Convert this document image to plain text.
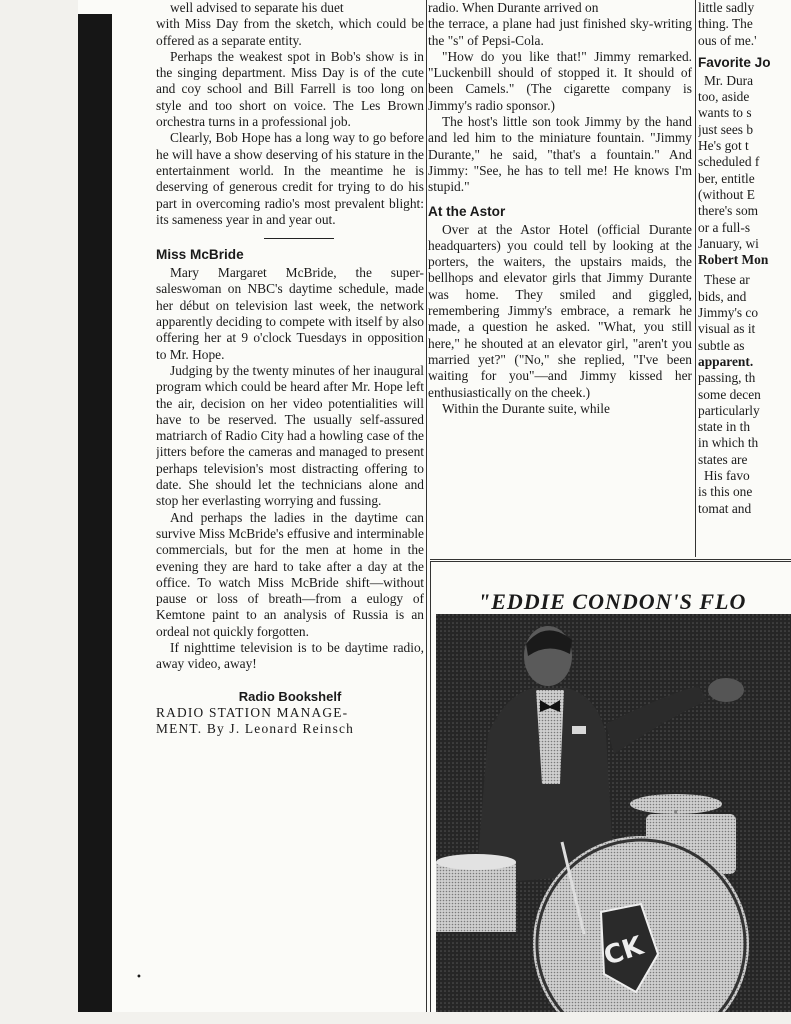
well advised to separate his duet

with Miss Day from the sketch, which could be offered as a separate entity.

Perhaps the weakest spot in Bob's show is in the singing department. Miss Day is of the cute and coy school and Bill Farrell is too long on style and too short on voice. The Les Brown orchestra turns in a professional job.

Clearly, Bob Hope has a long way to go before he will have a show deserving of his stature in the entertainment world. In the meantime he is deserving of generous credit for trying to do his part in overcoming radio's most prevalent blight: its sameness year in and year out.

Miss McBride

Mary Margaret McBride, the super-saleswoman on NBC's daytime schedule, made her début on television last week, the network apparently deciding to compete with itself by also offering her at 9 o'clock Tuesdays in opposition to Mr. Hope.

Judging by the twenty minutes of her inaugural program which could be heard after Mr. Hope left the air, decision on her video potentialities will have to be reserved. The usually self-assured matriarch of Radio City had a howling case of the jitters before the cameras and managed to present perhaps television's most distracting offering to date. She should let the technicians alone and stop her everlasting worrying and fussing.

And perhaps the ladies in the daytime can survive Miss McBride's effusive and interminable commercials, but for the men at home in the evening they are hard to take after a day at the office. To watch Miss McBride shift—without pause or loss of breath—from a eulogy of Kemtone paint to an analysis of Russia is an ordeal not quickly forgotten.

If nighttime television is to be daytime radio, away video, away!

Radio Bookshelf

RADIO STATION MANAGE-

MENT. By J. Leonard Reinsch

•

radio. When Durante arrived on

the terrace, a plane had just finished sky-writing the "s" of Pepsi-Cola.

"How do you like that!" Jimmy remarked. "Luckenbill should of stopped it. It should of been Camels." (The cigarette company is Jimmy's radio sponsor.)

The host's little son took Jimmy by the hand and led him to the miniature fountain. "Jimmy Durante," he said, "that's a fountain." And Jimmy: "See, he has to tell me! He knows I'm stupid."

At the Astor

Over at the Astor Hotel (official Durante headquarters) you could tell by looking at the porters, the waiters, the upstairs maids, the bellhops and elevator girls that Jimmy Durante was home. They smiled and giggled, remembering Jimmy's embrace, a remark he made, a question he asked. "What, you still here," he shouted at an elevator girl, "aren't you married yet?" ("No," she replied, "I've been waiting for you"—and Jimmy kissed her enthusiastically on the cheek.)

Within the Durante suite, while

little sadly

thing. The

ous of me.'

Favorite Jo

Mr. Dura

too, aside

wants to s

just sees b

He's got t

scheduled f

ber, entitle

(without E

there's som

or a full-s

January, wi

Robert Mon

These ar

bids, and

Jimmy's co

visual as it

subtle as

apparent.

passing, th

some decen

particularly

state in th

in which th

states are

His favo

is this one

tomat and

"EDDIE CONDON'S FLO
CK
